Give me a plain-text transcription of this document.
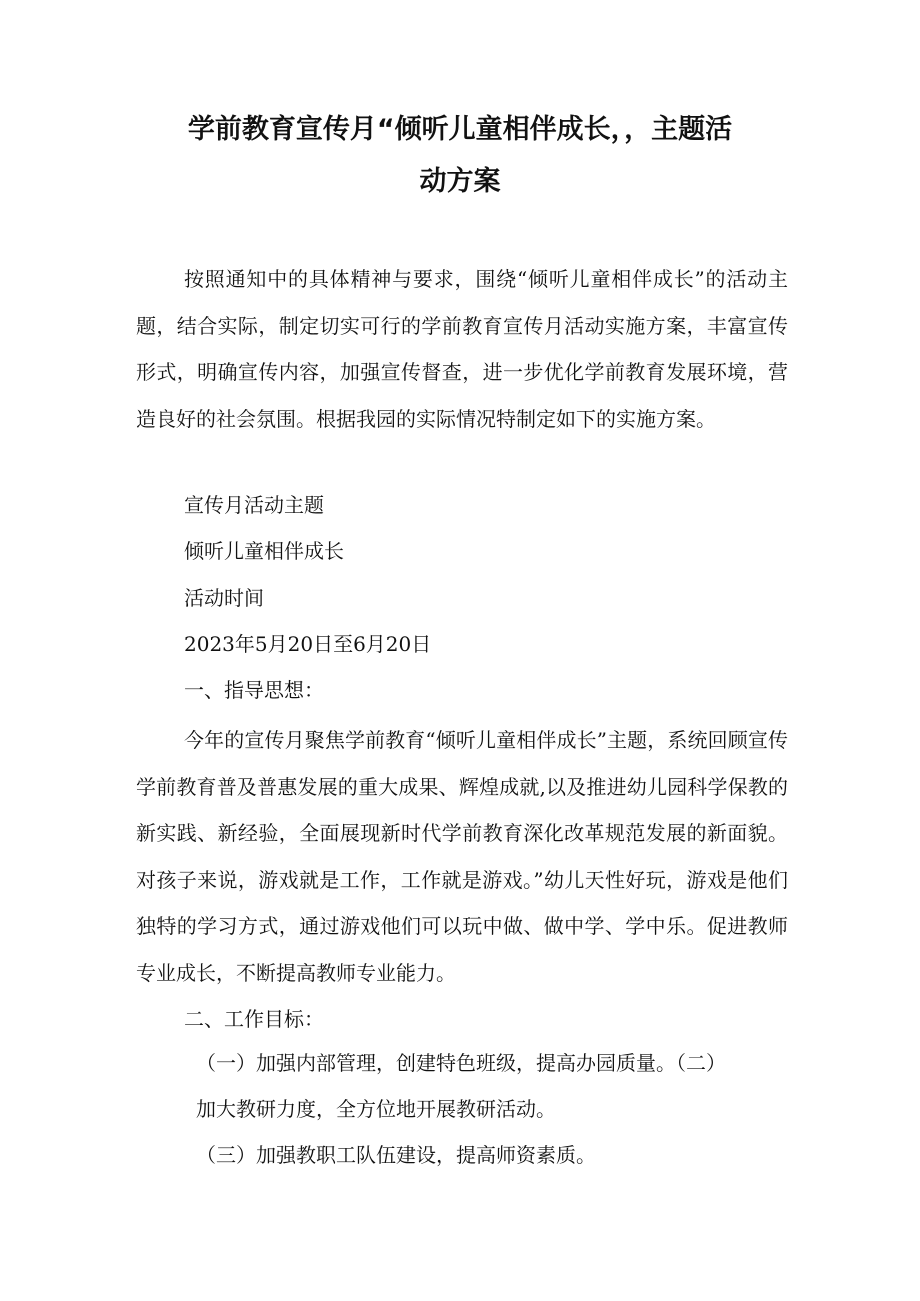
学前教育宣传月“倾听儿童相伴成长，，主题活
动方案

按照通知中的具体精神与要求，围绕“倾听儿童相伴成长”的活动主题，结合实际，制定切实可行的学前教育宣传月活动实施方案，丰富宣传形式，明确宣传内容，加强宣传督查，进一步优化学前教育发展环境，营造良好的社会氛围。根据我园的实际情况特制定如下的实施方案。

宣传月活动主题

倾听儿童相伴成长

活动时间

2023年5月20日至6月20日

一、指导思想：

今年的宣传月聚焦学前教育“倾听儿童相伴成长”主题，系统回顾宣传学前教育普及普惠发展的重大成果、辉煌成就,以及推进幼儿园科学保教的新实践、新经验，全面展现新时代学前教育深化改革规范发展的新面貌。对孩子来说，游戏就是工作，工作就是游戏。”幼儿天性好玩，游戏是他们独特的学习方式，通过游戏他们可以玩中做、做中学、学中乐。促进教师专业成长，不断提高教师专业能力。

二、工作目标：

（一）加强内部管理，创建特色班级，提高办园质量。（二）

加大教研力度，全方位地开展教研活动。

（三）加强教职工队伍建设，提高师资素质。
